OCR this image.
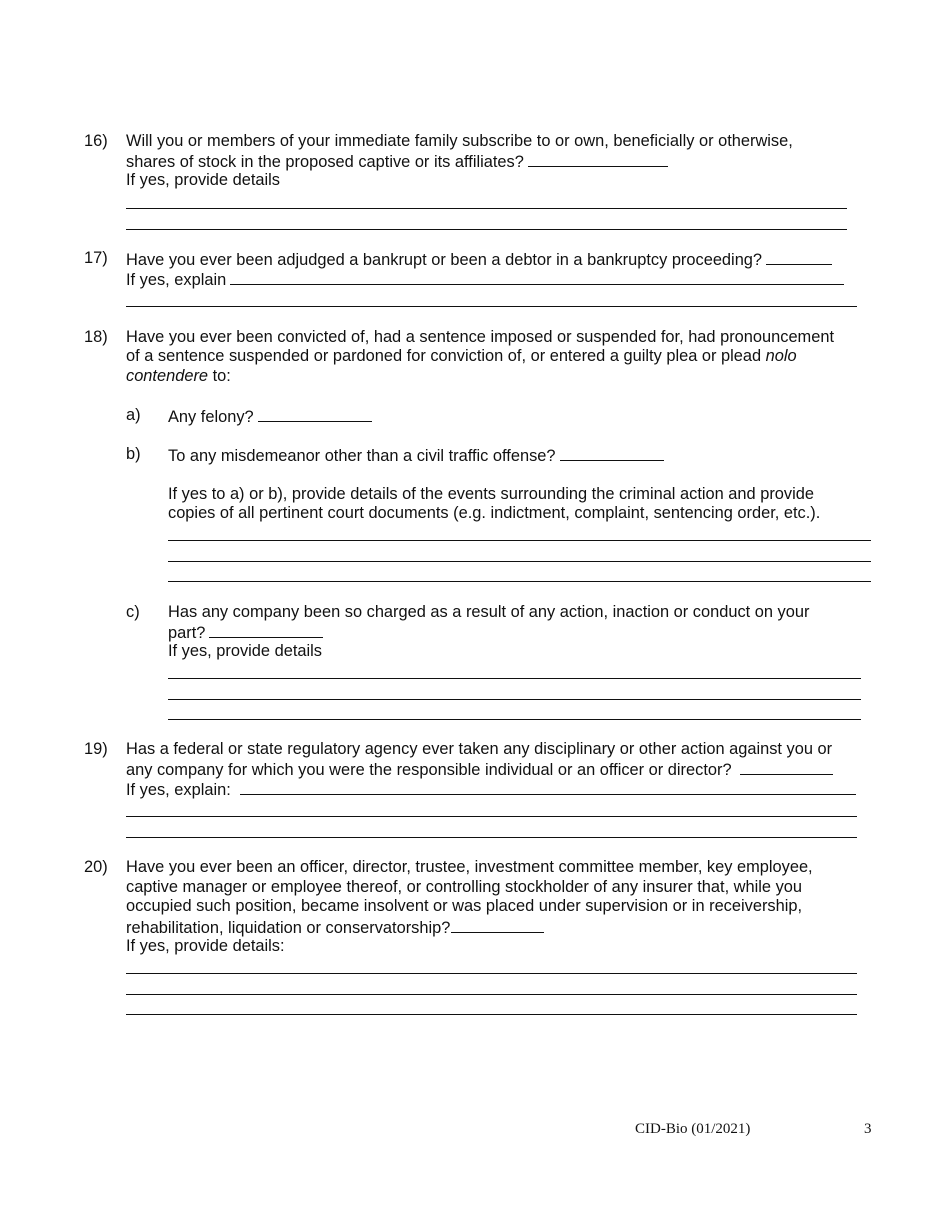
16) Will you or members of your immediate family subscribe to or own, beneficially or otherwise,
shares of stock in the proposed captive or its affiliates?
If yes, provide details
17) Have you ever been adjudged a bankrupt or been a debtor in a bankruptcy proceeding?
If yes, explain
18) Have you ever been convicted of, had a sentence imposed or suspended for, had pronouncement
of a sentence suspended or pardoned for conviction of, or entered a guilty plea or plead nolo
contendere to:
a) Any felony?
b) To any misdemeanor other than a civil traffic offense?
If yes to a) or b), provide details of the events surrounding the criminal action and provide
copies of all pertinent court documents (e.g. indictment, complaint, sentencing order, etc.).
c) Has any company been so charged as a result of any action, inaction or conduct on your
part?
If yes, provide details
19) Has a federal or state regulatory agency ever taken any disciplinary or other action against you or
any company for which you were the responsible individual or an officer or director?
If yes, explain:
20) Have you ever been an officer, director, trustee, investment committee member, key employee,
captive manager or employee thereof, or controlling stockholder of any insurer that, while you
occupied such position, became insolvent or was placed under supervision or in receivership,
rehabilitation, liquidation or conservatorship?
If yes, provide details:
CID-Bio (01/2021)	3
